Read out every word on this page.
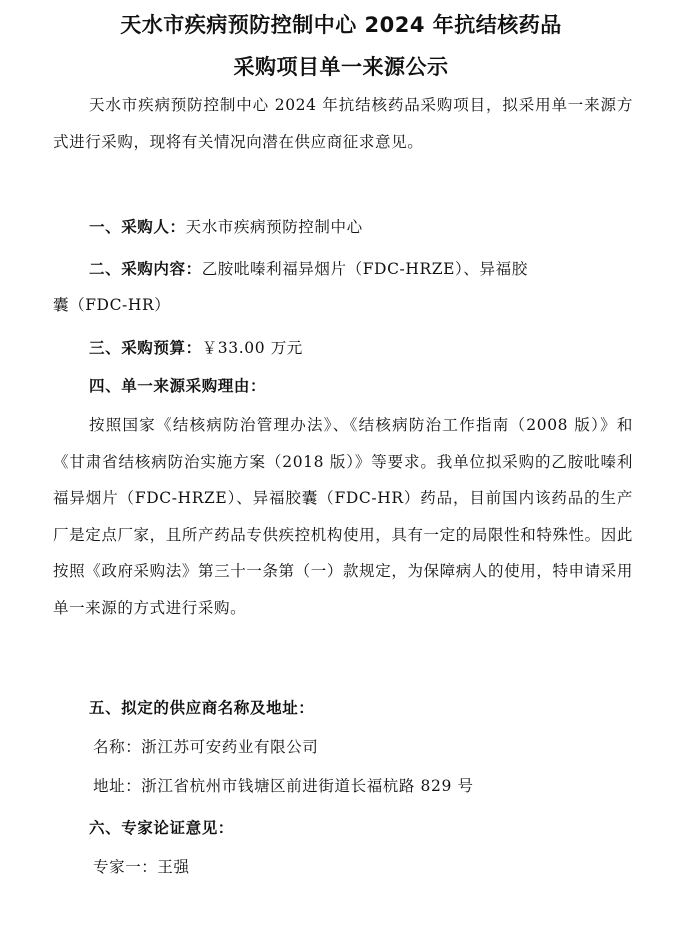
天水市疾病预防控制中心 2024 年抗结核药品
采购项目单一来源公示

天水市疾病预防控制中心 2024 年抗结核药品采购项目，拟采用单一来源方式进行采购，现将有关情况向潜在供应商征求意见。

一、采购人：天水市疾病预防控制中心
二、采购内容：乙胺吡嗪利福异烟片（FDC-HRZE）、异福胶
囊（FDC-HR）
三、采购预算：￥33.00 万元
四、单一来源采购理由：

按照国家《结核病防治管理办法》、《结核病防治工作指南（2008 版）》和《甘肃省结核病防治实施方案（2018 版）》等要求。我单位拟采购的乙胺吡嗪利福异烟片（FDC-HRZE）、异福胶囊（FDC-HR）药品，目前国内该药品的生产厂是定点厂家，且所产药品专供疾控机构使用，具有一定的局限性和特殊性。因此按照《政府采购法》第三十一条第（一）款规定，为保障病人的使用，特申请采用单一来源的方式进行采购。

五、拟定的供应商名称及地址：
名称：浙江苏可安药业有限公司
地址：浙江省杭州市钱塘区前进街道长福杭路 829 号
六、专家论证意见：
专家一：王强
